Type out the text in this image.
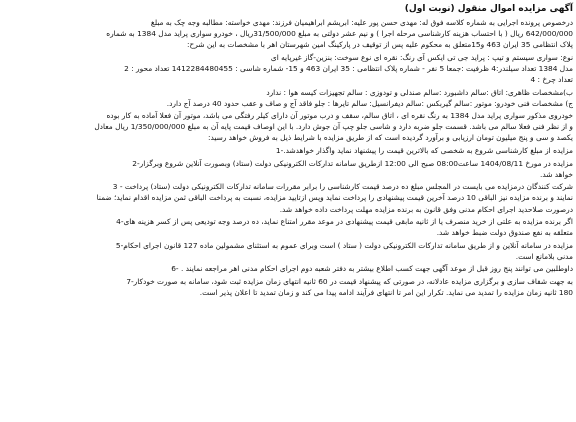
آگهی مزایده اموال منقول (نوبت اول)

درخصوص پرونده اجرایی به شماره کلاسه فوق له: مهدی حسن پور علیه: ابریشم ابراهیمیان فرزند: مهدی خواسته: مطالبه وجه چک به مبلغ

642/000/000 ریال ( با احتساب هزینه کارشناسی مرحله اجرا ) و نیم عشر دولتی به مبلغ 31/500/000ریال ، خودرو سواری پراید مدل 1384 به شماره

پلاک انتظامی 35 ایران 463 و15متعلق به محکوم علیه پس از توقیف در پارکینگ امین شهرستان اهر با مشخصات به این شرح:

نوع: سواری سیستم و تیپ : پراید جی تی ایکس آی رنگ: نقره ای نوع سوخت: بنزین-گاز غیرپایه ای

مدل 1384 تعداد سیلندر:4 ظرفیت :جمعا 5 نفر - شماره پلاک انتظامی : 35 ایران 463 و 15- شماره شاسی : 1412284480455 تعداد محور : 2

تعداد چرخ : 4

ب)مشخصات ظاهری: اتاق :سالم داشبورد :سالم صندلی و تودوزی : سالم تجهیزات کیسه هوا : ندارد

ج) مشخصات فنی خودرو: موتور :سالم گیربکس :سالم دیفرانسیل: سالم تایرها : جلو فاقد آج و صاف و عقب حدود 40 درصد آج دارد.

خودروی مذکور سواری پراید مدل 1384 به رنگ نقره ای ، اتاق سالم، سقف و درب موتور آن دارای کیلر رفتگی می باشد، موتور آن فعلا آماده به کار بوده

و از نظر فنی فعلا سالم می باشد. قسمت جلو ضربه دارد و شاسی جلو چپ آن جوش دارد. با این اوصاف قیمت پایه آن به مبلغ 1/350/000/000 ریال معادل

یکصد و سی و پنج میلیون تومان ارزیابی و برآورد گردیده است که از طریق مزایده با شرایط ذیل به فروش خواهد رسید:

مزایده از مبلغ کارشناسی شروع به شخصی که بالاترین قیمت را پیشنهاد نماید واگذار خواهدشد.-1

مزایده در مورخ 1404/08/11 ساعت08:00 صبح الی 12:00 ازطریق سامانه تدارکات الکترونیکی دولت (ستاد) وبصورت آنلاین شروع وبرگزار-2

خواهد شد.

شرکت کنندگان درمزایده می بایست در المجلس مبلغ ده درصد قیمت کارشناسی را برابر مقررات سامانه تدارکات الکترونیکی دولت (ستاد) پرداخت - 3

نمایند و برنده مزایده نیز الباقی 10 درصد آخرین قیمت پیشنهادی را پرداخت نماید وپس ازتایید مزایده، نسبت به پرداخت الباقی ثمن مزایده اقدام نماید؛ ضمنا

درصورت صلاحدید اجرای احکام مدنی وفق قانون به برنده مزایده مهلت پرداخت داده خواهد شد.

اگر برنده مزایده به علتی از خرید منصرف یا از ثانیه مابقی قیمت پیشنهادی در موعد مقرر امتناع نماید، ده درصد وجه تودیعی پس از کسر هزینه های-4

متعلقه به نفع صندوق دولت ضبط خواهد شد.

مزایده در سامانه آنلاین و از طریق سامانه تدارکات الکترونیکی دولت ( ستاد ) است وبرای عموم به استثنای مشمولین ماده 127 قانون اجرای احکام-5

مدنی بلامانع است.

داوطلبین می توانند پنج روز قبل از موعد آگهی جهت کسب اطلاع بیشتر به دفتر شعبه دوم اجرای احکام مدنی اهر مراجعه نمایند . -6

به جهت شفاف سازی و برگزاری مزایده عادلانه، در صورتی که پیشنهاد قیمت در 60 ثانیه انتهای زمان مزایده ثبت شود، سامانه به صورت خودکار-7

180 ثانیه زمان مزایده را تمدید می نماید. تکرار این امر تا انتهای فرآیند ادامه پیدا می کند و زمان تمدید تا اعلان پذیر است.
